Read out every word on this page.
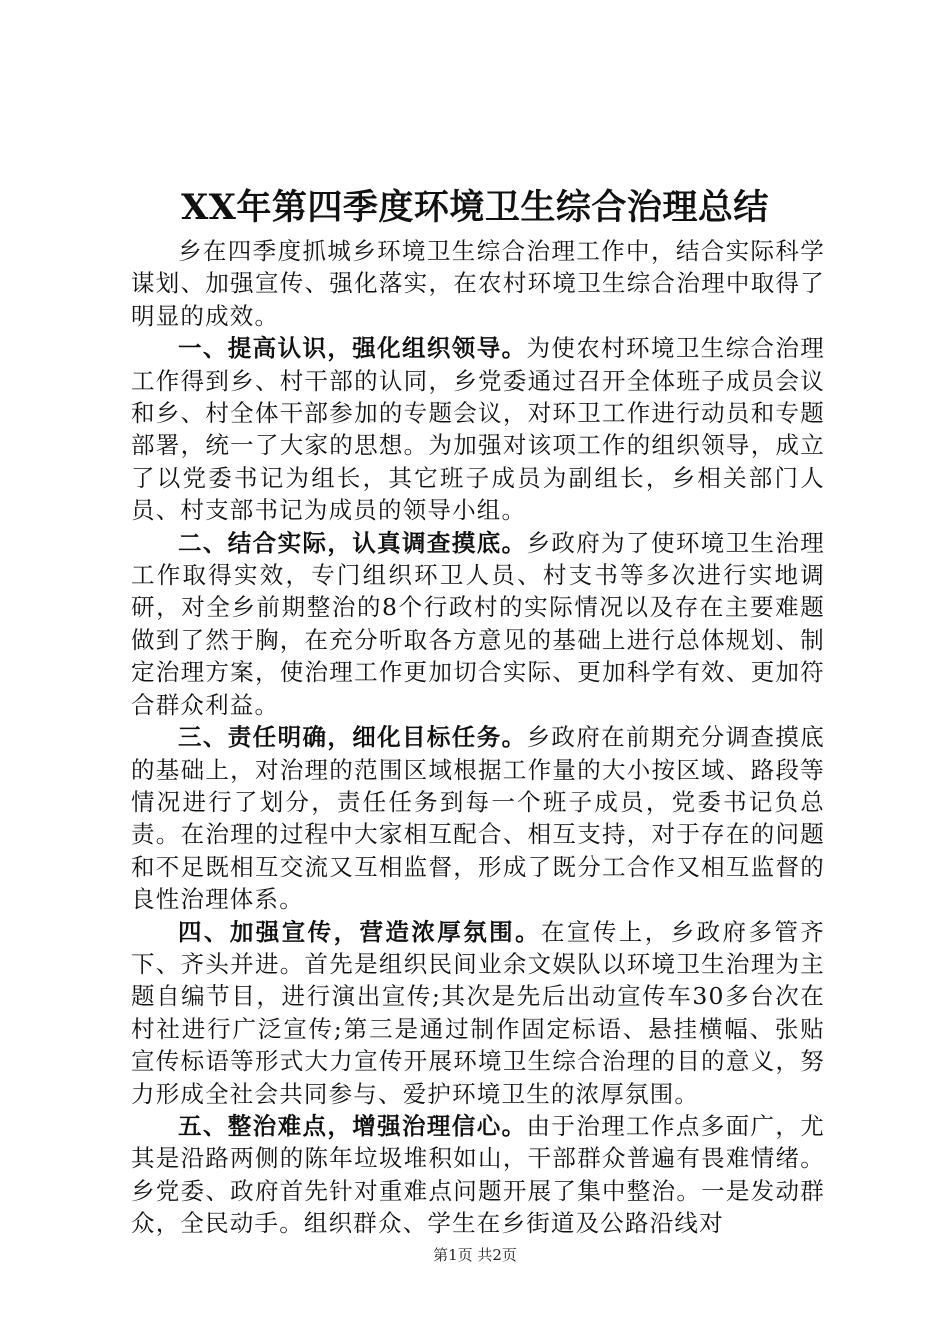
XX年第四季度环境卫生综合治理总结

乡在四季度抓城乡环境卫生综合治理工作中，结合实际科学谋划、加强宣传、强化落实，在农村环境卫生综合治理中取得了明显的成效。

一、提高认识，强化组织领导。为使农村环境卫生综合治理工作得到乡、村干部的认同，乡党委通过召开全体班子成员会议和乡、村全体干部参加的专题会议，对环卫工作进行动员和专题部署，统一了大家的思想。为加强对该项工作的组织领导，成立了以党委书记为组长，其它班子成员为副组长，乡相关部门人员、村支部书记为成员的领导小组。

二、结合实际，认真调查摸底。乡政府为了使环境卫生治理工作取得实效，专门组织环卫人员、村支书等多次进行实地调研，对全乡前期整治的8个行政村的实际情况以及存在主要难题做到了然于胸，在充分听取各方意见的基础上进行总体规划、制定治理方案，使治理工作更加切合实际、更加科学有效、更加符合群众利益。

三、责任明确，细化目标任务。乡政府在前期充分调查摸底的基础上，对治理的范围区域根据工作量的大小按区域、路段等情况进行了划分，责任任务到每一个班子成员，党委书记负总责。在治理的过程中大家相互配合、相互支持，对于存在的问题和不足既相互交流又互相监督，形成了既分工合作又相互监督的良性治理体系。

四、加强宣传，营造浓厚氛围。在宣传上，乡政府多管齐下、齐头并进。首先是组织民间业余文娱队以环境卫生治理为主题自编节目，进行演出宣传;其次是先后出动宣传车30多台次在村社进行广泛宣传;第三是通过制作固定标语、悬挂横幅、张贴宣传标语等形式大力宣传开展环境卫生综合治理的目的意义，努力形成全社会共同参与、爱护环境卫生的浓厚氛围。

五、整治难点，增强治理信心。由于治理工作点多面广，尤其是沿路两侧的陈年垃圾堆积如山，干部群众普遍有畏难情绪。乡党委、政府首先针对重难点问题开展了集中整治。一是发动群众，全民动手。组织群众、学生在乡街道及公路沿线对

第1页 共2页
